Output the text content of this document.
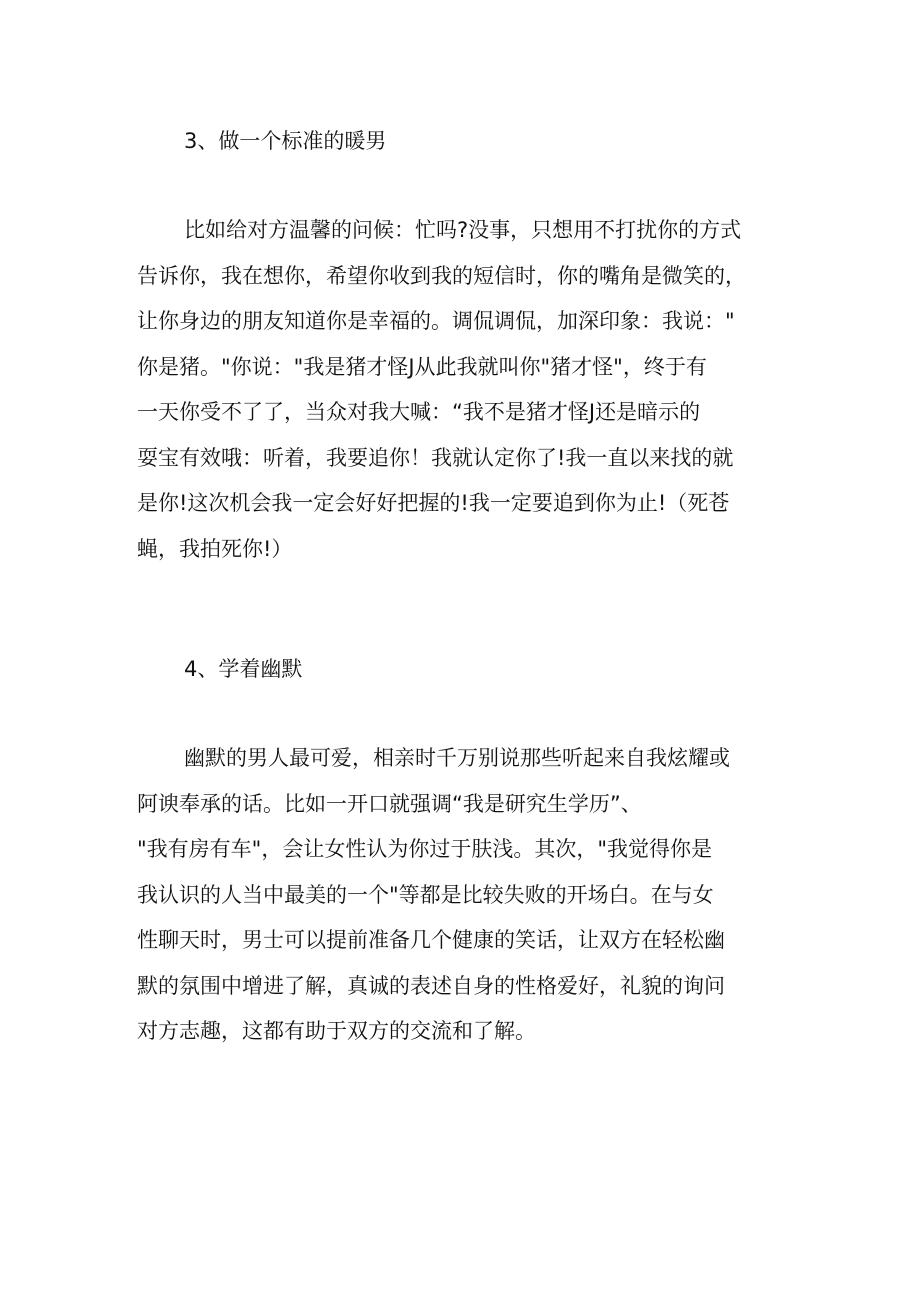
3、做一个标准的暖男
比如给对方温馨的问候：忙吗?没事，只想用不打扰你的方式
告诉你，我在想你，希望你收到我的短信时，你的嘴角是微笑的，
让你身边的朋友知道你是幸福的。调侃调侃，加深印象：我说："
你是猪。"你说："我是猪才怪J从此我就叫你"猪才怪"，终于有
一天你受不了了，当众对我大喊：“我不是猪才怪J还是暗示的
耍宝有效哦：听着，我要追你！我就认定你了!我一直以来找的就
是你!这次机会我一定会好好把握的!我一定要追到你为止!（死苍
蝇，我拍死你!）
4、学着幽默
幽默的男人最可爱，相亲时千万别说那些听起来自我炫耀或
阿谀奉承的话。比如一开口就强调“我是研究生学历”、
"我有房有车"，会让女性认为你过于肤浅。其次，"我觉得你是
我认识的人当中最美的一个"等都是比较失败的开场白。在与女
性聊天时，男士可以提前准备几个健康的笑话，让双方在轻松幽
默的氛围中增进了解，真诚的表述自身的性格爱好，礼貌的询问
对方志趣，这都有助于双方的交流和了解。
